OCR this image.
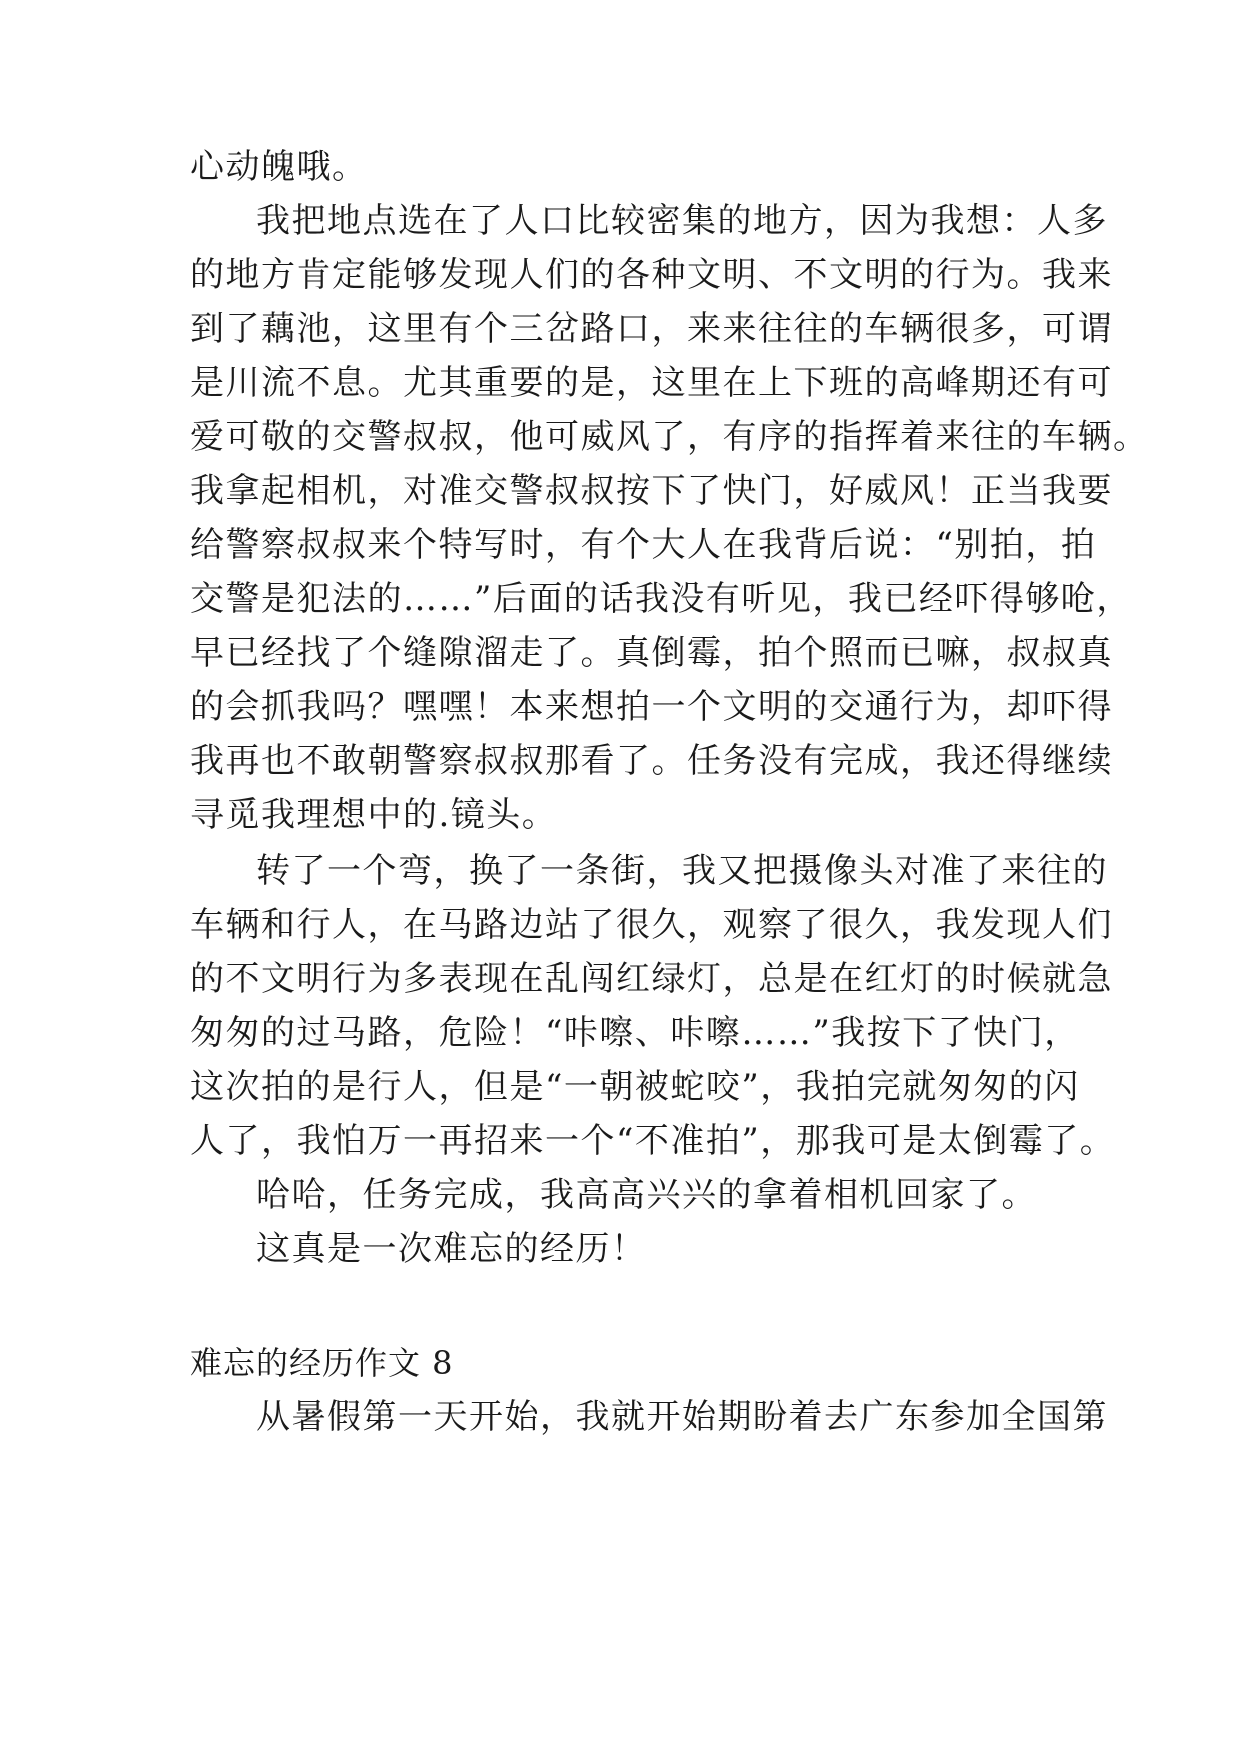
心动魄哦。
我把地点选在了人口比较密集的地方，因为我想：人多
的地方肯定能够发现人们的各种文明、不文明的行为。我来
到了藕池，这里有个三岔路口，来来往往的车辆很多，可谓
是川流不息。尤其重要的是，这里在上下班的高峰期还有可
爱可敬的交警叔叔，他可威风了，有序的指挥着来往的车辆。
我拿起相机，对准交警叔叔按下了快门，好威风！正当我要
给警察叔叔来个特写时，有个大人在我背后说：“别拍，拍
交警是犯法的……”后面的话我没有听见，我已经吓得够呛，
早已经找了个缝隙溜走了。真倒霉，拍个照而已嘛，叔叔真
的会抓我吗？嘿嘿！本来想拍一个文明的交通行为，却吓得
我再也不敢朝警察叔叔那看了。任务没有完成，我还得继续
寻觅我理想中的.镜头。
转了一个弯，换了一条街，我又把摄像头对准了来往的
车辆和行人，在马路边站了很久，观察了很久，我发现人们
的不文明行为多表现在乱闯红绿灯，总是在红灯的时候就急
匆匆的过马路，危险！“咔嚓、咔嚓……”我按下了快门，
这次拍的是行人，但是“一朝被蛇咬”，我拍完就匆匆的闪
人了，我怕万一再招来一个“不准拍”，那我可是太倒霉了。
哈哈，任务完成，我高高兴兴的拿着相机回家了。
这真是一次难忘的经历！
难忘的经历作文 8
从暑假第一天开始，我就开始期盼着去广东参加全国第
